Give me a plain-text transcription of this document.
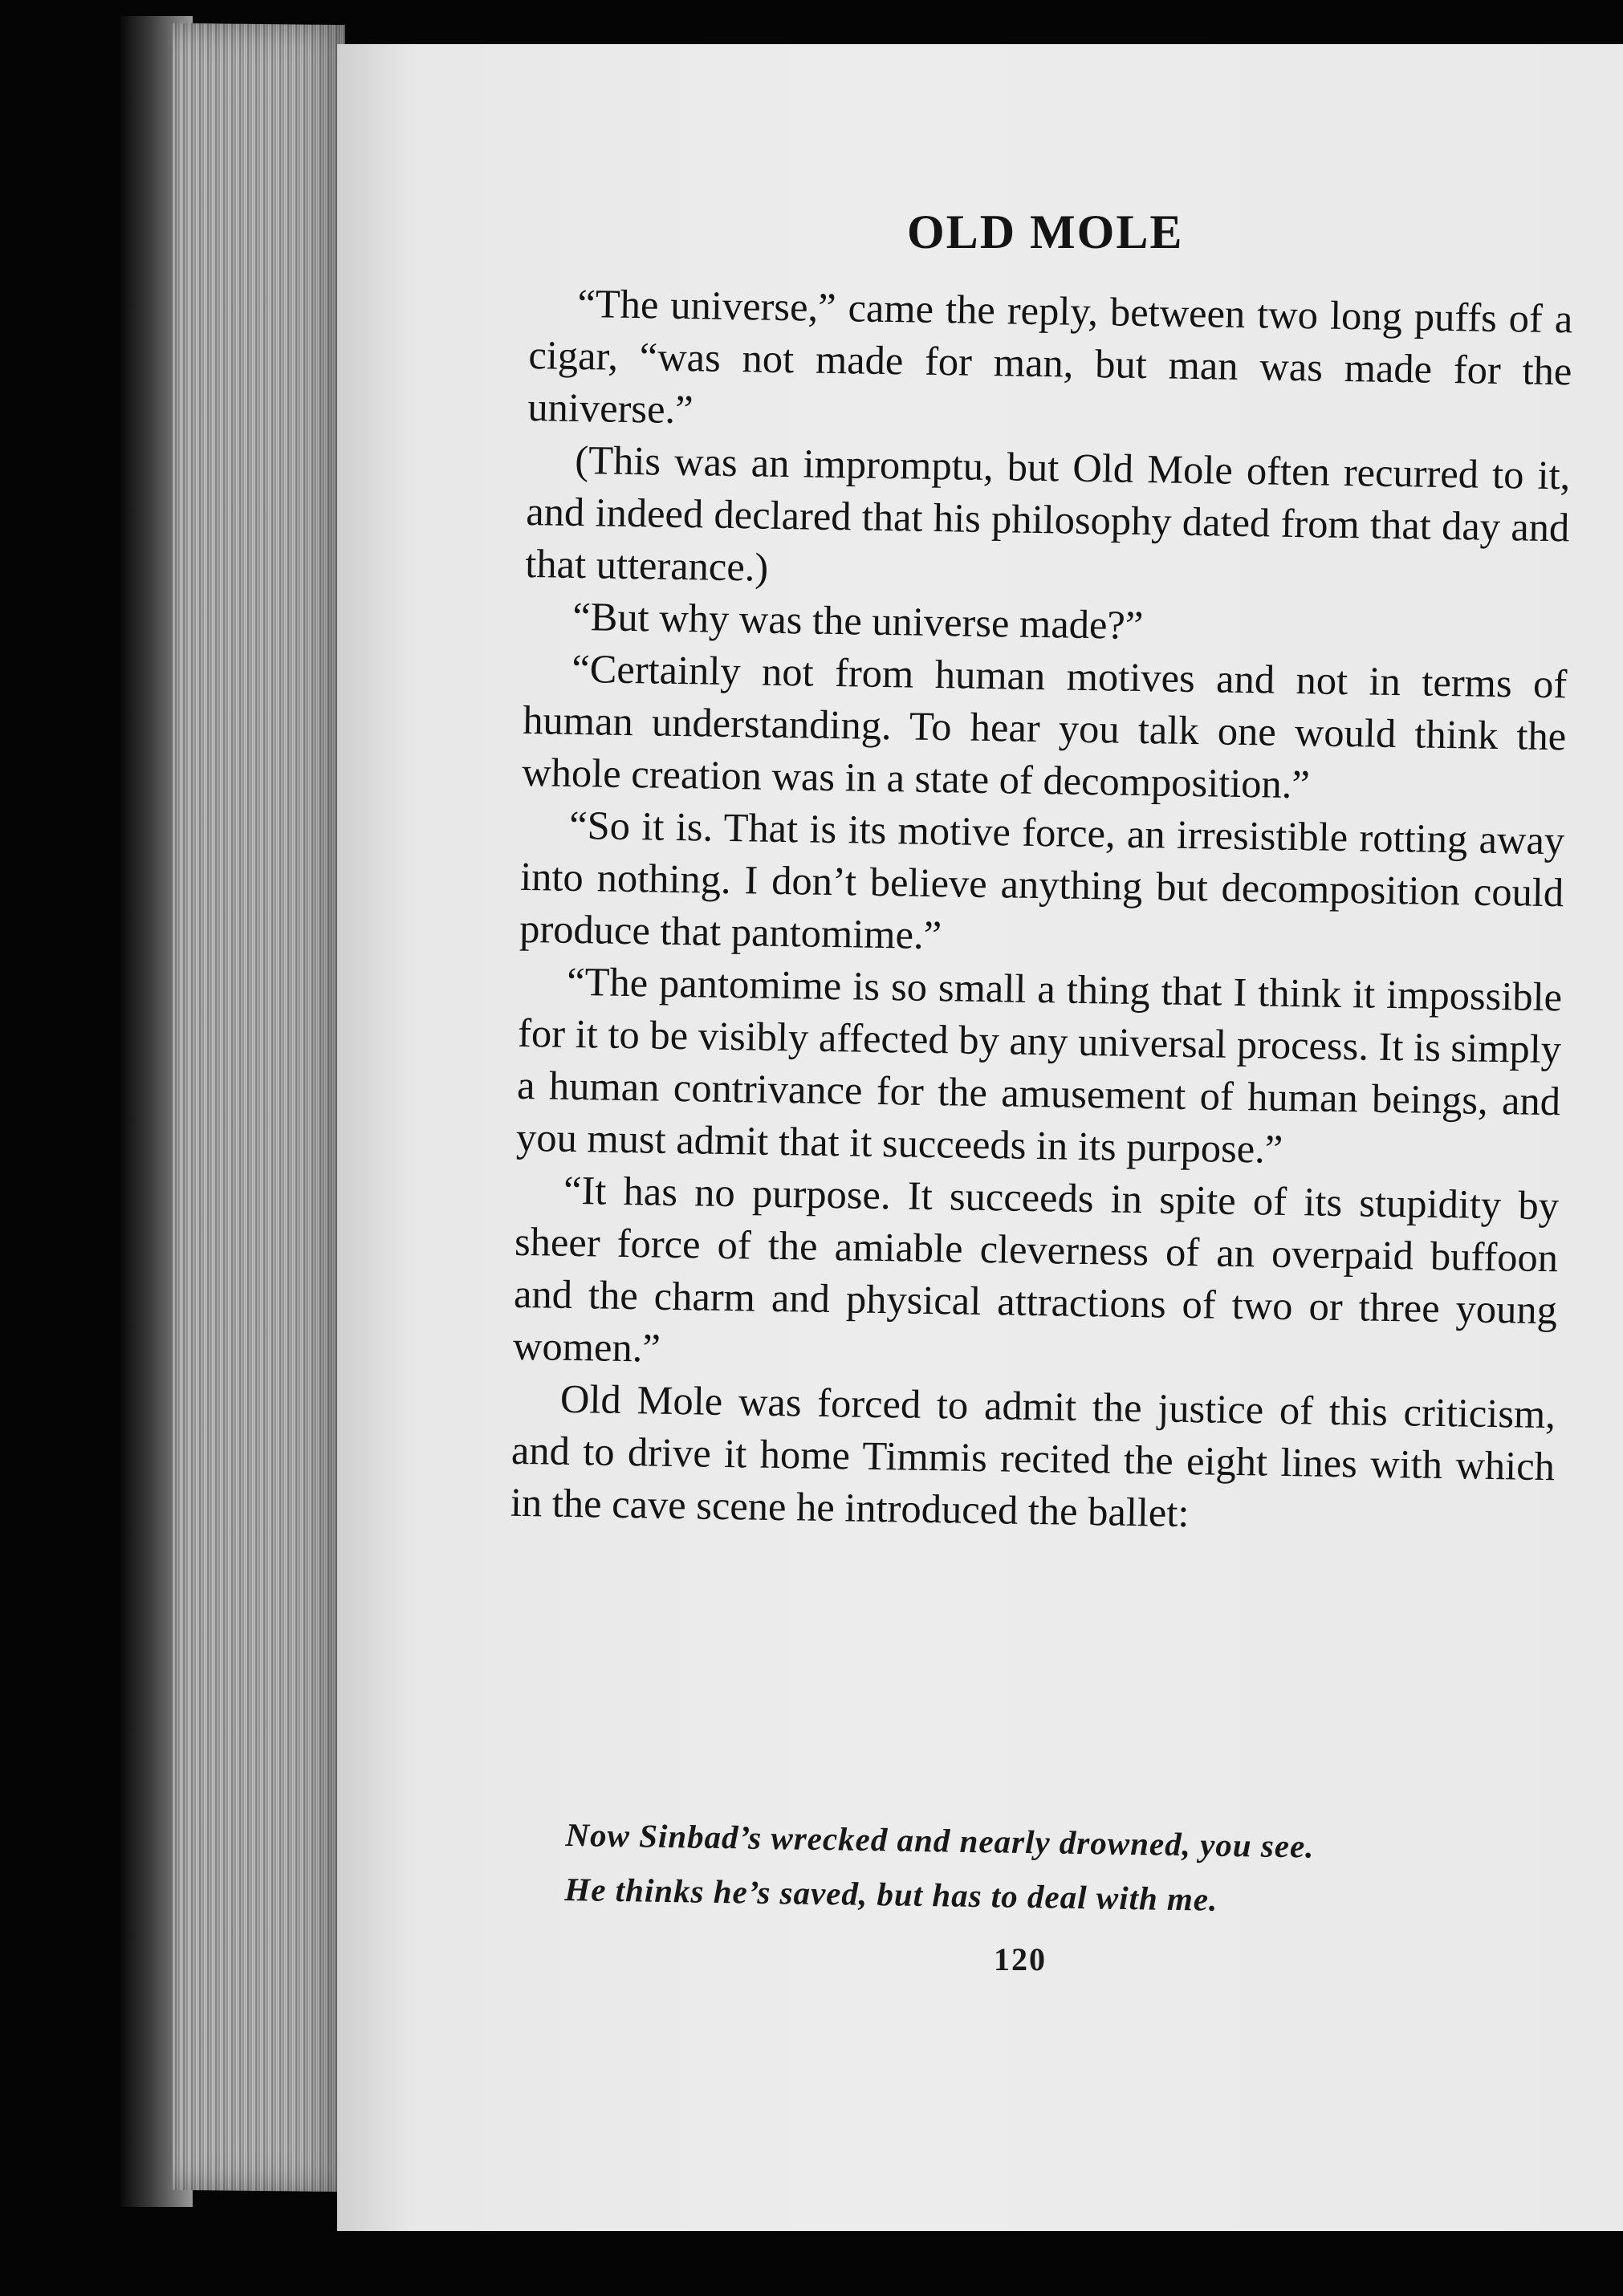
OLD MOLE

“The universe,” came the reply, between two long puffs of a cigar, “was not made for man, but man was made for the universe.”

(This was an impromptu, but Old Mole often recurred to it, and indeed declared that his philosophy dated from that day and that utterance.)

“But why was the universe made?”

“Certainly not from human motives and not in terms of human understanding. To hear you talk one would think the whole creation was in a state of decomposition.”

“So it is. That is its motive force, an irresistible rotting away into nothing. I don’t believe anything but decomposition could produce that pantomime.”

“The pantomime is so small a thing that I think it impossible for it to be visibly affected by any universal process. It is simply a human contrivance for the amusement of human beings, and you must admit that it succeeds in its purpose.”

“It has no purpose. It succeeds in spite of its stupidity by sheer force of the amiable cleverness of an overpaid buffoon and the charm and physical attractions of two or three young women.”

Old Mole was forced to admit the justice of this criticism, and to drive it home Timmis recited the eight lines with which in the cave scene he introduced the ballet:

Now Sinbad’s wrecked and nearly drowned, you see.
He thinks he’s saved, but has to deal with me.
120
